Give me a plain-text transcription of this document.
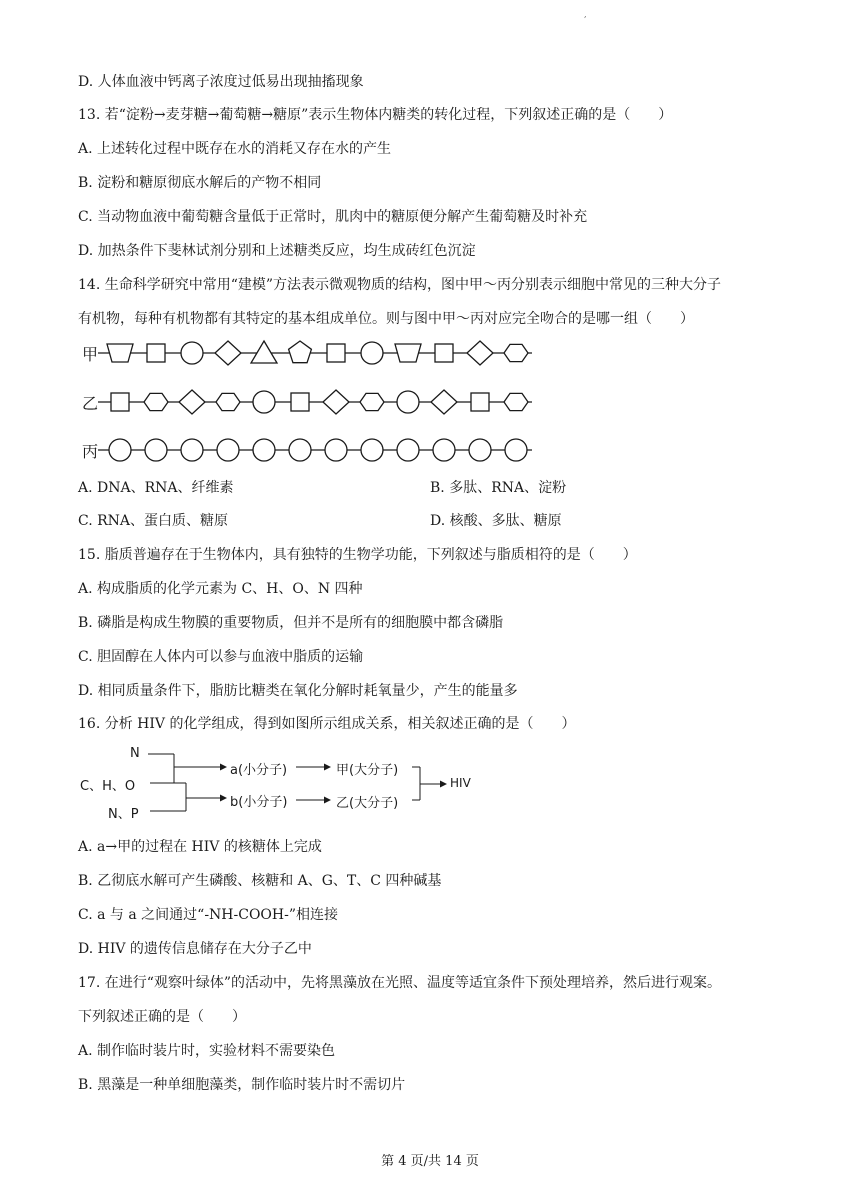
,
D. 人体血液中钙离子浓度过低易出现抽搐现象
13. 若“淀粉→麦芽糖→葡萄糖→糖原”表示生物体内糖类的转化过程，下列叙述正确的是（　　）
A. 上述转化过程中既存在水的消耗又存在水的产生
B. 淀粉和糖原彻底水解后的产物不相同
C. 当动物血液中葡萄糖含量低于正常时，肌肉中的糖原便分解产生葡萄糖及时补充
D. 加热条件下斐林试剂分别和上述糖类反应，均生成砖红色沉淀
14. 生命科学研究中常用“建模”方法表示微观物质的结构，图中甲～丙分别表示细胞中常见的三种大分子
有机物，每种有机物都有其特定的基本组成单位。则与图中甲～丙对应完全吻合的是哪一组（　　）
甲
乙
丙
A. DNA、RNA、纤维素	B. 多肽、RNA、淀粉
C. RNA、蛋白质、糖原	D. 核酸、多肽、糖原
15. 脂质普遍存在于生物体内，具有独特的生物学功能，下列叙述与脂质相符的是（　　）
A. 构成脂质的化学元素为 C、H、O、N 四种
B. 磷脂是构成生物膜的重要物质，但并不是所有的细胞膜中都含磷脂
C. 胆固醇在人体内可以参与血液中脂质的运输
D. 相同质量条件下，脂肪比糖类在氧化分解时耗氧量少，产生的能量多
16. 分析 HIV 的化学组成，得到如图所示组成关系，相关叙述正确的是（　　）
N
C、H、O
N、P
a(小分子)
b(小分子)
甲(大分子)
乙(大分子)
HIV
A. a→甲的过程在 HIV 的核糖体上完成
B. 乙彻底水解可产生磷酸、核糖和 A、G、T、C 四种碱基
C. a 与 a 之间通过“-NH-COOH-”相连接
D. HIV 的遗传信息储存在大分子乙中
17. 在进行“观察叶绿体”的活动中，先将黑藻放在光照、温度等适宜条件下预处理培养，然后进行观案。
下列叙述正确的是（　　）
A. 制作临时装片时，实验材料不需要染色
B. 黑藻是一种单细胞藻类，制作临时装片时不需切片
第 4 页/共 14 页
